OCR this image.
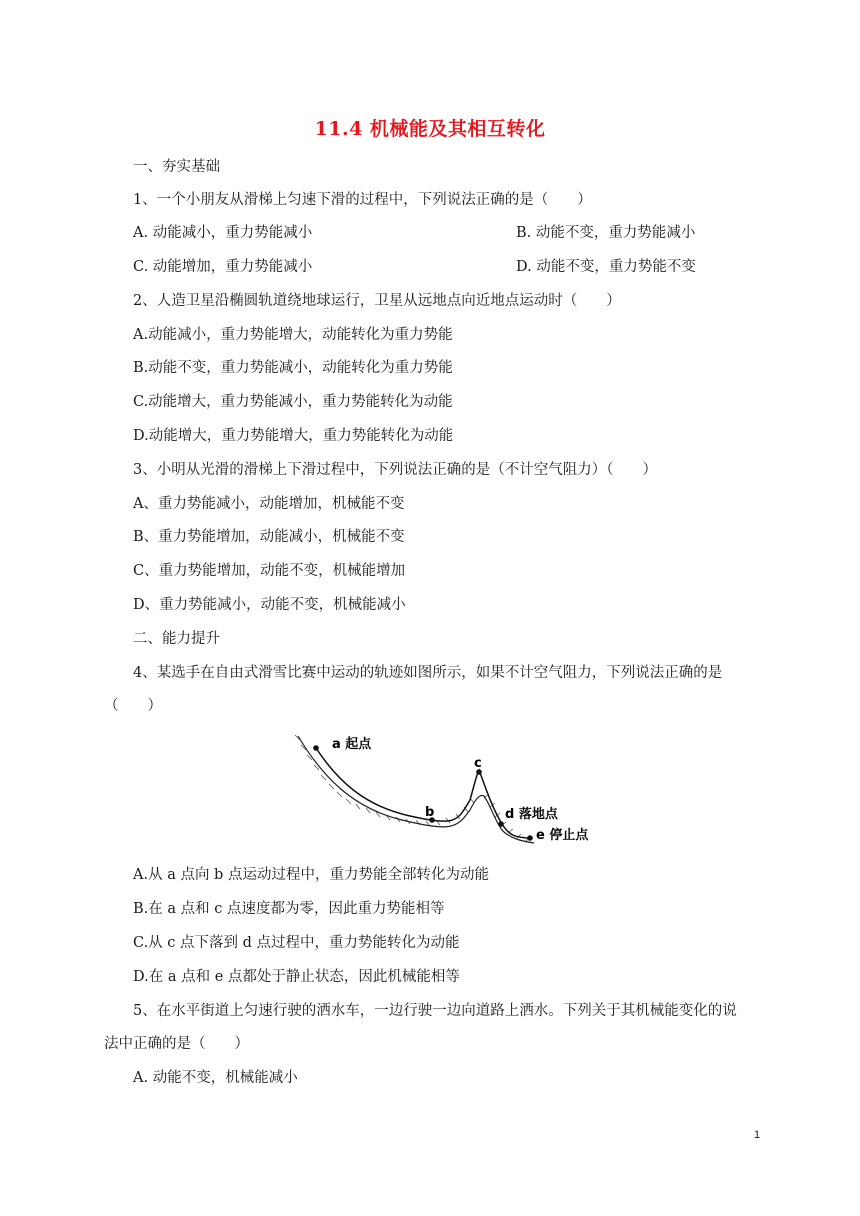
11.4 机械能及其相互转化
一、夯实基础
1、一个小朋友从滑梯上匀速下滑的过程中，下列说法正确的是（　　）
A. 动能减小，重力势能减小	B. 动能不变，重力势能减小
C. 动能增加，重力势能减小	D. 动能不变，重力势能不变
2、人造卫星沿椭圆轨道绕地球运行，卫星从远地点向近地点运动时（　　）
A.动能减小，重力势能增大，动能转化为重力势能
B.动能不变，重力势能减小，动能转化为重力势能
C.动能增大，重力势能减小，重力势能转化为动能
D.动能增大，重力势能增大，重力势能转化为动能
3、小明从光滑的滑梯上下滑过程中，下列说法正确的是（不计空气阻力）（　　）
A、重力势能减小，动能增加，机械能不变
B、重力势能增加，动能减小，机械能不变
C、重力势能增加，动能不变，机械能增加
D、重力势能减小，动能不变，机械能减小
二、能力提升
4、某选手在自由式滑雪比赛中运动的轨迹如图所示，如果不计空气阻力，下列说法正确的是
（　　）
a 起点
b
c
d 落地点
e 停止点
A.从 a 点向 b 点运动过程中，重力势能全部转化为动能
B.在 a 点和 c 点速度都为零，因此重力势能相等
C.从 c 点下落到 d 点过程中，重力势能转化为动能
D.在 a 点和 e 点都处于静止状态，因此机械能相等
5、在水平街道上匀速行驶的洒水车，一边行驶一边向道路上洒水。下列关于其机械能变化的说
法中正确的是（　　）
A. 动能不变，机械能减小
1
